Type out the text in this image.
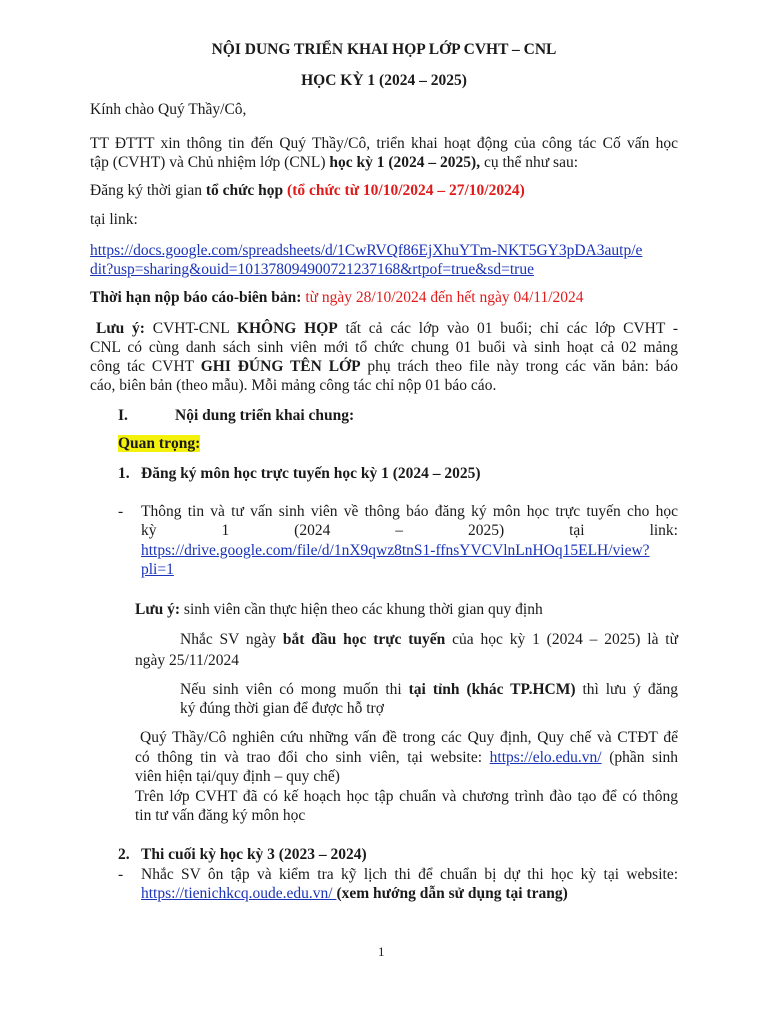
NỘI DUNG TRIỂN KHAI HỌP LỚP CVHT – CNL
HỌC KỲ 1 (2024 – 2025)
Kính chào Quý Thầy/Cô,
TT ĐTTT xin thông tin đến Quý Thầy/Cô, triển khai hoạt động của công tác Cố vấn học
tập (CVHT) và Chủ nhiệm lớp (CNL) học kỳ 1 (2024 – 2025), cụ thể như sau:
Đăng ký thời gian tổ chức họp (tổ chức từ 10/10/2024 – 27/10/2024)
tại link:
https://docs.google.com/spreadsheets/d/1CwRVQf86EjXhuYTm-NKT5GY3pDA3autp/e
dit?usp=sharing&ouid=101378094900721237168&rtpof=true&sd=true
Thời hạn nộp báo cáo-biên bản: từ ngày 28/10/2024 đến hết ngày 04/11/2024
Lưu ý: CVHT-CNL KHÔNG HỌP tất cả các lớp vào 01 buổi; chỉ các lớp CVHT -
CNL có cùng danh sách sinh viên mới tổ chức chung 01 buổi và sinh hoạt cả 02 mảng
công tác CVHT GHI ĐÚNG TÊN LỚP phụ trách theo file này trong các văn bản: báo
cáo, biên bản (theo mẫu). Mỗi mảng công tác chỉ nộp 01 báo cáo.
I.	Nội dung triển khai chung:
Quan trọng:
1. Đăng ký môn học trực tuyến học kỳ 1 (2024 – 2025)
- Thông tin và tư vấn sinh viên về thông báo đăng ký môn học trực tuyến cho học
kỳ 1 (2024 – 2025) tại link:
https://drive.google.com/file/d/1nX9qwz8tnS1-ffnsYVCVlnLnHOq15ELH/view?
pli=1
Lưu ý: sinh viên cần thực hiện theo các khung thời gian quy định
Nhắc SV ngày bắt đầu học trực tuyến của học kỳ 1 (2024 – 2025) là từ
ngày 25/11/2024
Nếu sinh viên có mong muốn thi tại tỉnh (khác TP.HCM) thì lưu ý đăng
ký đúng thời gian để được hỗ trợ
Quý Thầy/Cô nghiên cứu những vấn đề trong các Quy định, Quy chế và CTĐT để
có thông tin và trao đổi cho sinh viên, tại website: https://elo.edu.vn/ (phần sinh
viên hiện tại/quy định – quy chế)
Trên lớp CVHT đã có kế hoạch học tập chuẩn và chương trình đào tạo để có thông
tin tư vấn đăng ký môn học
2. Thi cuối kỳ học kỳ 3 (2023 – 2024)
- Nhắc SV ôn tập và kiểm tra kỹ lịch thi để chuẩn bị dự thi học kỳ tại website:
https://tienichkcq.oude.edu.vn/ (xem hướng dẫn sử dụng tại trang)
1
